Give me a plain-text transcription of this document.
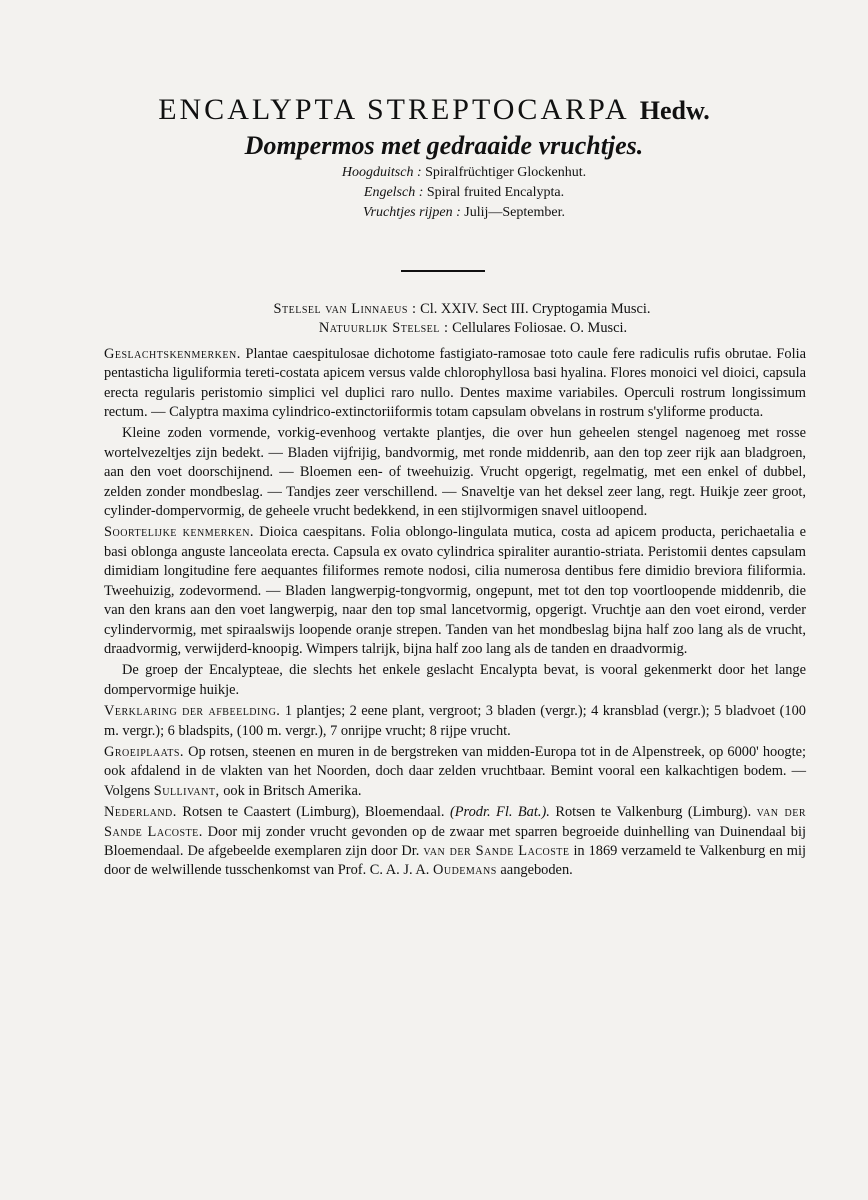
ENCALYPTA STREPTOCARPA Hedw.
Dompermos met gedraaide vruchtjes.
Hoogduitsch : Spiralfrüchtiger Glockenhut.
Engelsch : Spiral fruited Encalypta.
Vruchtjes rijpen : Julij—September.
Stelsel van Linnaeus : Cl. XXIV. Sect III. Cryptogamia Musci.
Natuurlijk Stelsel : Cellulares Foliosae. O. Musci.

Geslachtskenmerken. Plantae caespitulosae dichotome fastigiato-ramosae toto caule fere radiculis rufis obrutae. Folia pentasticha liguliformia tereti-costata apicem versus valde chlorophyllosa basi hyalina. Flores monoici vel dioici, capsula erecta regularis peristomio simplici vel duplici raro nullo. Dentes maxime variabiles. Operculi rostrum longissimum rectum. — Calyptra maxima cylindrico-extinctoriiformis totam capsulam obvelans in rostrum s'yliforme producta.

Kleine zoden vormende, vorkig-evenhoog vertakte plantjes, die over hun geheelen stengel nagenoeg met rosse wortelvezeltjes zijn bedekt. — Bladen vijfrijig, bandvormig, met ronde middenrib, aan den top zeer rijk aan bladgroen, aan den voet doorschijnend. — Bloemen een- of tweehuizig. Vrucht opgerigt, regelmatig, met een enkel of dubbel, zelden zonder mondbeslag. — Tandjes zeer verschillend. — Snaveltje van het deksel zeer lang, regt. Huikje zeer groot, cylinder-dompervormig, de geheele vrucht bedekkend, in een stijlvormigen snavel uitloopend.

Soortelijke kenmerken. Dioica caespitans. Folia oblongo-lingulata mutica, costa ad apicem producta, perichaetalia e basi oblonga anguste lanceolata erecta. Capsula ex ovato cylindrica spiraliter aurantio-striata. Peristomii dentes capsulam dimidiam longitudine fere aequantes filiformes remote nodosi, cilia numerosa dentibus fere dimidio breviora filiformia. Tweehuizig, zodevormend. — Bladen langwerpig-tongvormig, ongepunt, met tot den top voortloopende middenrib, die van den krans aan den voet langwerpig, naar den top smal lancetvormig, opgerigt. Vruchtje aan den voet eirond, verder cylindervormig, met spiraalswijs loopende oranje strepen. Tanden van het mondbeslag bijna half zoo lang als de vrucht, draadvormig, verwijderd-knoopig. Wimpers talrijk, bijna half zoo lang als de tanden en draadvormig.

De groep der Encalypteae, die slechts het enkele geslacht Encalypta bevat, is vooral gekenmerkt door het lange dompervormige huikje.

Verklaring der afbeelding. 1 plantjes; 2 eene plant, vergroot; 3 bladen (vergr.); 4 kransblad (vergr.); 5 bladvoet (100 m. vergr.); 6 bladspits, (100 m. vergr.), 7 onrijpe vrucht; 8 rijpe vrucht.

Groeiplaats. Op rotsen, steenen en muren in de bergstreken van midden-Europa tot in de Alpenstreek, op 6000' hoogte; ook afdalend in de vlakten van het Noorden, doch daar zelden vruchtbaar. Bemint vooral een kalkachtigen bodem. — Volgens Sullivant, ook in Britsch Amerika.

Nederland. Rotsen te Caastert (Limburg), Bloemendaal. (Prodr. Fl. Bat.). Rotsen te Valkenburg (Limburg). van der Sande Lacoste. Door mij zonder vrucht gevonden op de zwaar met sparren begroeide duinhelling van Duinendaal bij Bloemendaal. De afgebeelde exemplaren zijn door Dr. van der Sande Lacoste in 1869 verzameld te Valkenburg en mij door de welwillende tusschenkomst van Prof. C. A. J. A. Oudemans aangeboden.
